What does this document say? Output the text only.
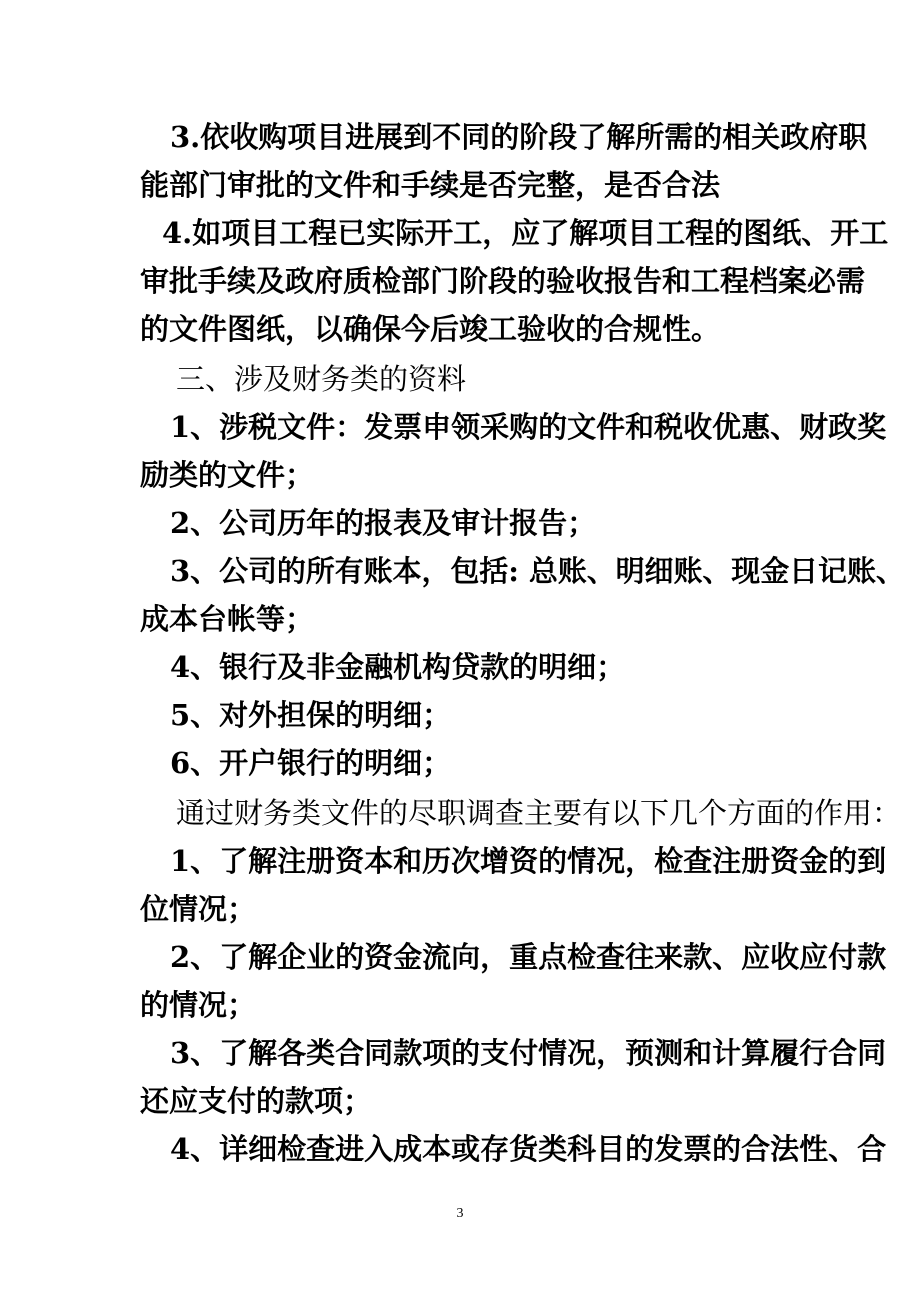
3.依收购项目进展到不同的阶段了解所需的相关政府职
能部门审批的文件和手续是否完整，是否合法
4.如项目工程已实际开工，应了解项目工程的图纸、开工
审批手续及政府质检部门阶段的验收报告和工程档案必需
的文件图纸，以确保今后竣工验收的合规性。
三、涉及财务类的资料
1、涉税文件：发票申领采购的文件和税收优惠、财政奖
励类的文件；
2、公司历年的报表及审计报告；
3、公司的所有账本，包括: 总账、明细账、现金日记账、
成本台帐等；
4、银行及非金融机构贷款的明细；
5、对外担保的明细；
6、开户银行的明细；
通过财务类文件的尽职调查主要有以下几个方面的作用：
1、了解注册资本和历次增资的情况，检查注册资金的到
位情况；
2、了解企业的资金流向，重点检查往来款、应收应付款
的情况；
3、了解各类合同款项的支付情况，预测和计算履行合同
还应支付的款项；
4、详细检查进入成本或存货类科目的发票的合法性、合
3
